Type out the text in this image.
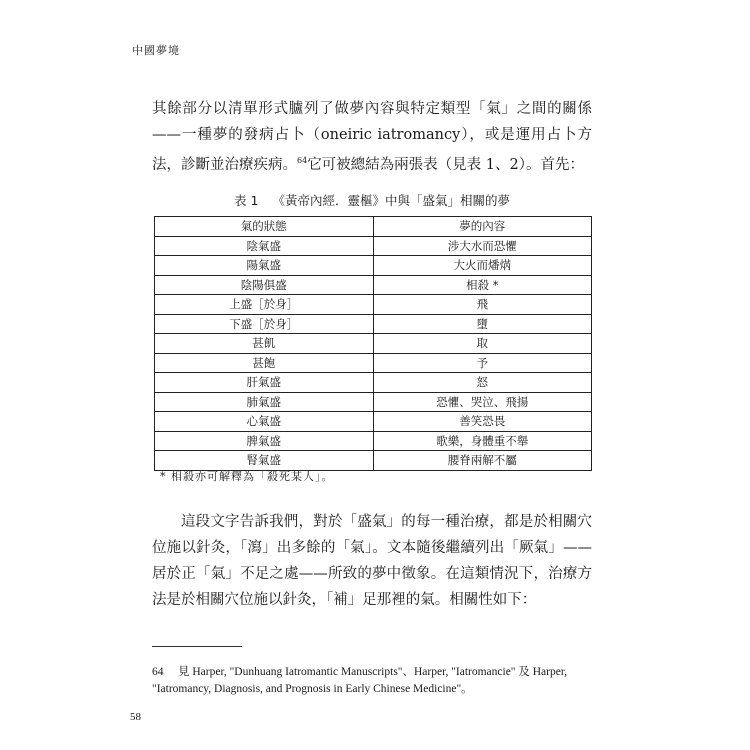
中國夢境

其餘部分以清單形式臚列了做夢內容與特定類型「氣」之間的關係——一種夢的發病占卜（oneiric iatromancy），或是運用占卜方法，診斷並治療疾病。$^{64}$它可被總結為兩張表（見表 1、2）。首先：

表 1 《黃帝內經．靈樞》中與「盛氣」相關的夢
氣的狀態	夢的內容
陰氣盛	涉大水而恐懼
陽氣盛	大火而燔焫
陰陽俱盛	相殺 *
上盛［於身］	飛
下盛［於身］	墮
甚飢	取
甚飽	予
肝氣盛	怒
肺氣盛	恐懼、哭泣、飛揚
心氣盛	善笑恐畏
脾氣盛	歌樂，身體重不舉
腎氣盛	腰脊兩解不屬
* 相殺亦可解釋為「殺死某人」。

這段文字告訴我們，對於「盛氣」的每一種治療，都是於相關穴位施以針灸，「瀉」出多餘的「氣」。文本隨後繼續列出「厥氣」——居於正「氣」不足之處——所致的夢中徵象。在這類情況下，治療方法是於相關穴位施以針灸，「補」足那裡的氣。相關性如下：

64 見 Harper, "Dunhuang Iatromantic Manuscripts"、Harper, "Iatromancie" 及 Harper, "Iatromancy, Diagnosis, and Prognosis in Early Chinese Medicine"。
58
